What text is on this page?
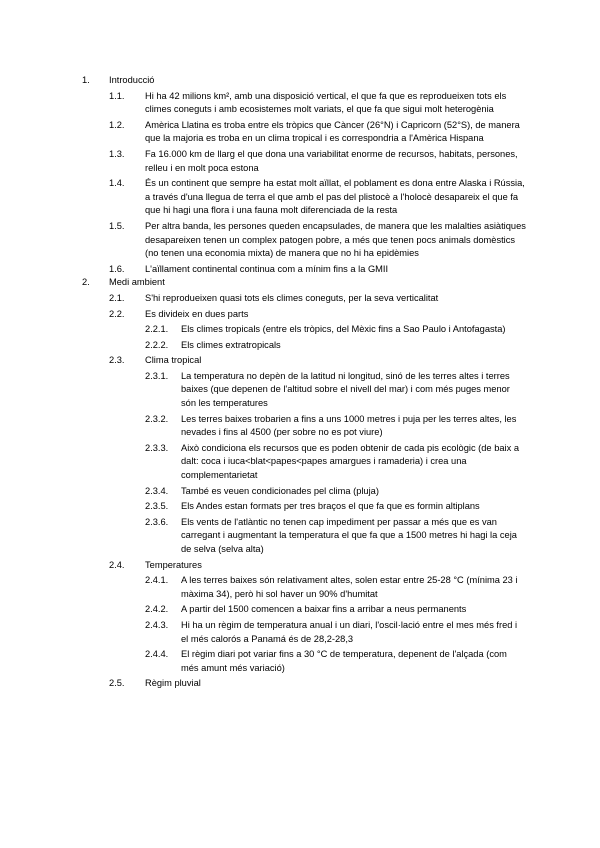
1. Introducció
1.1. Hi ha 42 milions km², amb una disposició vertical, el que fa que es reprodueixen tots els climes coneguts i amb ecosistemes molt variats, el que fa que sigui molt heterogènia
1.2. Amèrica Llatina es troba entre els tròpics que Càncer (26°N) i Capricorn (52°S), de manera que la majoria es troba en un clima tropical i es correspondria a l'Amèrica Hispana
1.3. Fa 16.000 km de llarg el que dona una variabilitat enorme de recursos, habitats, persones, relleu i en molt poca estona
1.4. És un continent que sempre ha estat molt aïllat, el poblament es dona entre Alaska i Rússia, a través d'una llegua de terra el que amb el pas del plistocè a l'holocè desapareix el que fa que hi hagi una flora i una fauna molt diferenciada de la resta
1.5. Per altra banda, les persones queden encapsulades, de manera que les malalties asiàtiques desapareixen tenen un complex patogen pobre, a més que tenen pocs animals domèstics (no tenen una economia mixta) de manera que no hi ha epidèmies
1.6. L'aïllament continental continua com a mínim fins a la GMII
2. Medi ambient
2.1. S'hi reprodueixen quasi tots els climes coneguts, per la seva verticalitat
2.2. Es divideix en dues parts
2.2.1. Els climes tropicals (entre els tròpics, del Mèxic fins a Sao Paulo i Antofagasta)
2.2.2. Els climes extratropicals
2.3. Clima tropical
2.3.1. La temperatura no depèn de la latitud ni longitud, sinó de les terres altes i terres baixes (que depenen de l'altitud sobre el nivell del mar) i com més puges menor són les temperatures
2.3.2. Les terres baixes trobarien a fins a uns 1000 metres i puja per les terres altes, les nevades i fins al 4500 (per sobre no es pot viure)
2.3.3. Això condiciona els recursos que es poden obtenir de cada pis ecològic (de baix a dalt: coca i iuca<blat<papes<papes amargues i ramaderia) i crea una complementarietat
2.3.4. També es veuen condicionades pel clima (pluja)
2.3.5. Els Andes estan formats per tres braços el que fa que es formin altiplans
2.3.6. Els vents de l'atlàntic no tenen cap impediment per passar a més que es van carregant i augmentant la temperatura el que fa que a 1500 metres hi hagi la ceja de selva (selva alta)
2.4. Temperatures
2.4.1. A les terres baixes són relativament altes, solen estar entre 25-28 °C (mínima 23 i màxima 34), però hi sol haver un 90% d'humitat
2.4.2. A partir del 1500 comencen a baixar fins a arribar a neus permanents
2.4.3. Hi ha un règim de temperatura anual i un diari, l'oscil·lació entre el mes més fred i el més calorós a Panamá és de 28,2-28,3
2.4.4. El règim diari pot variar fins a 30 °C de temperatura, depenent de l'alçada (com més amunt més variació)
2.5. Règim pluvial
